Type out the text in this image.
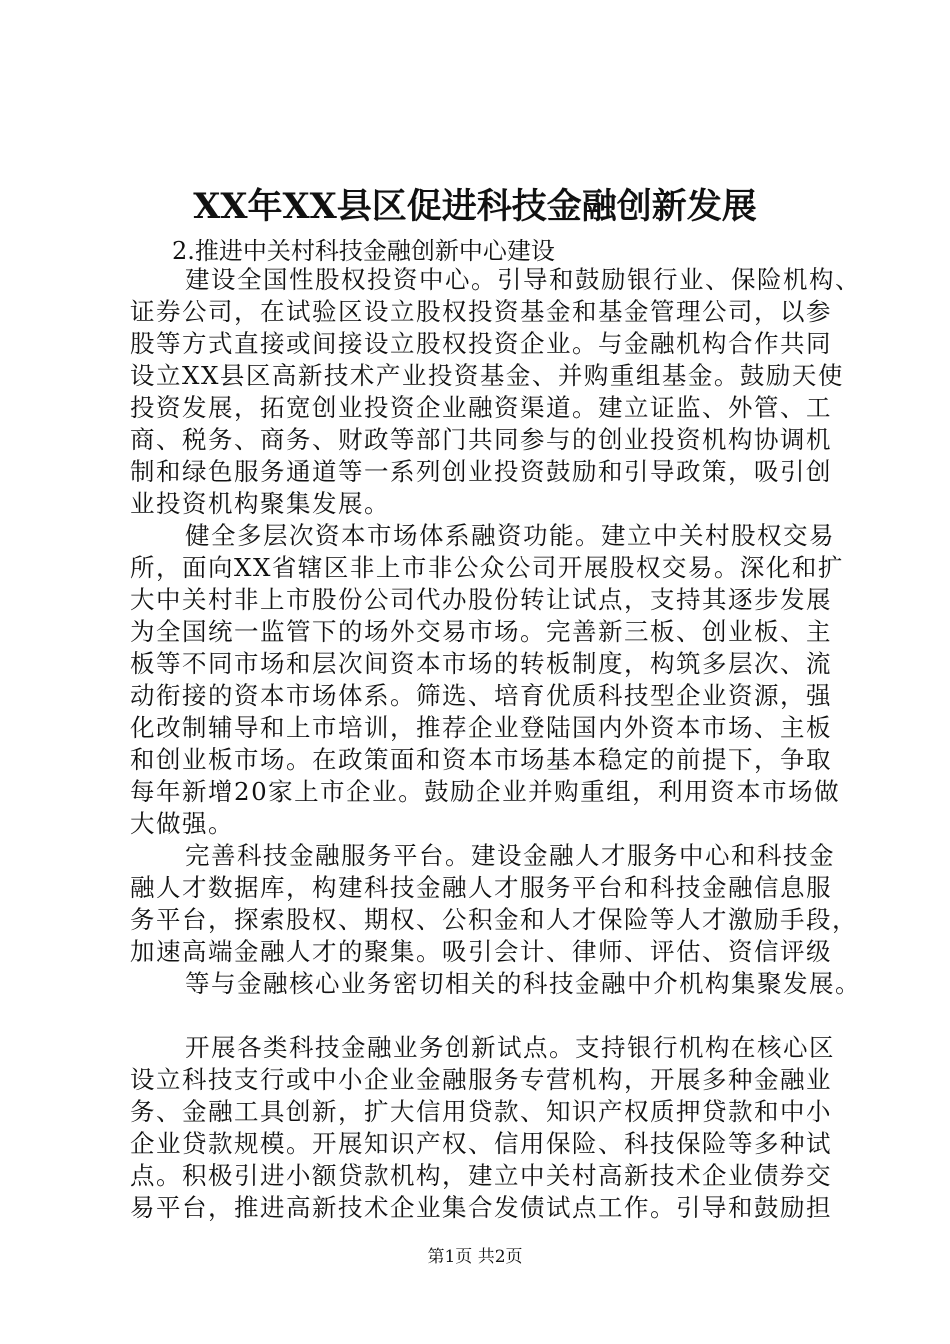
XX年XX县区促进科技金融创新发展
2.推进中关村科技金融创新中心建设
建设全国性股权投资中心。引导和鼓励银行业、保险机构、
证券公司，在试验区设立股权投资基金和基金管理公司，以参
股等方式直接或间接设立股权投资企业。与金融机构合作共同
设立XX县区高新技术产业投资基金、并购重组基金。鼓励天使
投资发展，拓宽创业投资企业融资渠道。建立证监、外管、工
商、税务、商务、财政等部门共同参与的创业投资机构协调机
制和绿色服务通道等一系列创业投资鼓励和引导政策，吸引创
业投资机构聚集发展。
健全多层次资本市场体系融资功能。建立中关村股权交易
所，面向XX省辖区非上市非公众公司开展股权交易。深化和扩
大中关村非上市股份公司代办股份转让试点，支持其逐步发展
为全国统一监管下的场外交易市场。完善新三板、创业板、主
板等不同市场和层次间资本市场的转板制度，构筑多层次、流
动衔接的资本市场体系。筛选、培育优质科技型企业资源，强
化改制辅导和上市培训，推荐企业登陆国内外资本市场、主板
和创业板市场。在政策面和资本市场基本稳定的前提下，争取
每年新增20家上市企业。鼓励企业并购重组，利用资本市场做
大做强。
完善科技金融服务平台。建设金融人才服务中心和科技金
融人才数据库，构建科技金融人才服务平台和科技金融信息服
务平台，探索股权、期权、公积金和人才保险等人才激励手段，
加速高端金融人才的聚集。吸引会计、律师、评估、资信评级
等与金融核心业务密切相关的科技金融中介机构集聚发展。
开展各类科技金融业务创新试点。支持银行机构在核心区
设立科技支行或中小企业金融服务专营机构，开展多种金融业
务、金融工具创新，扩大信用贷款、知识产权质押贷款和中小
企业贷款规模。开展知识产权、信用保险、科技保险等多种试
点。积极引进小额贷款机构，建立中关村高新技术企业债券交
易平台，推进高新技术企业集合发债试点工作。引导和鼓励担
第1页 共2页
